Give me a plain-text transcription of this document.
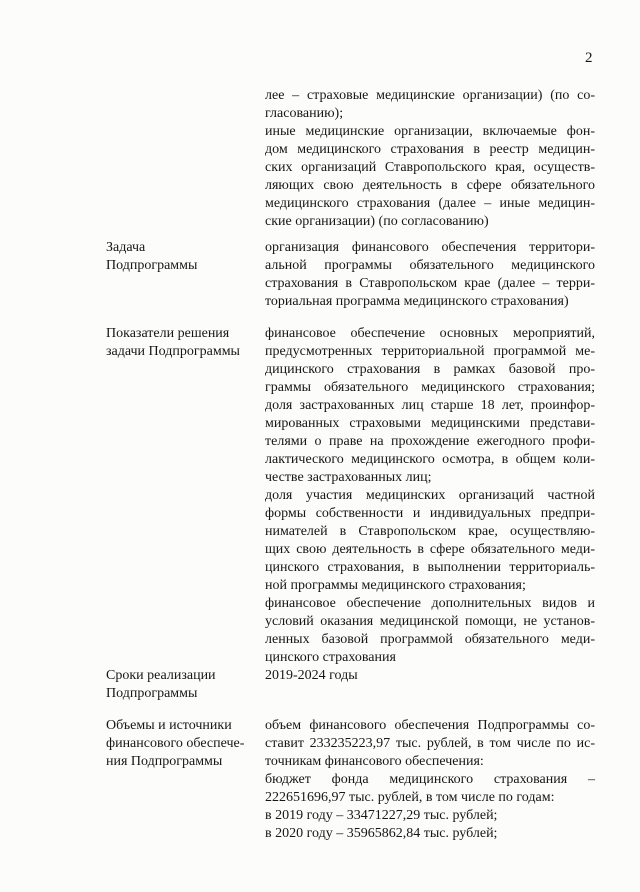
2
лее – страховые медицинские организации) (по со-
гласованию);
иные медицинские организации, включаемые фон-
дом медицинского страхования в реестр медицин-
ских организаций Ставропольского края, осуществ-
ляющих свою деятельность в сфере обязательного
медицинского страхования (далее – иные медицин-
ские организации) (по согласованию)
Задача
Подпрограммы
организация финансового обеспечения территори-
альной программы обязательного медицинского
страхования в Ставропольском крае (далее – терри-
ториальная программа медицинского страхования)
Показатели решения
задачи Подпрограммы
финансовое обеспечение основных мероприятий,
предусмотренных территориальной программой ме-
дицинского страхования в рамках базовой про-
граммы обязательного медицинского страхования;
доля застрахованных лиц старше 18 лет, проинфор-
мированных страховыми медицинскими представи-
телями о праве на прохождение ежегодного профи-
лактического медицинского осмотра, в общем коли-
честве застрахованных лиц;
доля участия медицинских организаций частной
формы собственности и индивидуальных предпри-
нимателей в Ставропольском крае, осуществляю-
щих свою деятельность в сфере обязательного меди-
цинского страхования, в выполнении территориаль-
ной программы медицинского страхования;
финансовое обеспечение дополнительных видов и
условий оказания медицинской помощи, не установ-
ленных базовой программой обязательного меди-
цинского страхования
Сроки реализации
Подпрограммы
2019-2024 годы
Объемы и источники
финансового обеспече-
ния Подпрограммы
объем финансового обеспечения Подпрограммы со-
ставит 233235223,97 тыс. рублей, в том числе по ис-
точникам финансового обеспечения:
бюджет фонда медицинского страхования –
222651696,97 тыс. рублей, в том числе по годам:
в 2019 году – 33471227,29 тыс. рублей;
в 2020 году – 35965862,84 тыс. рублей;
